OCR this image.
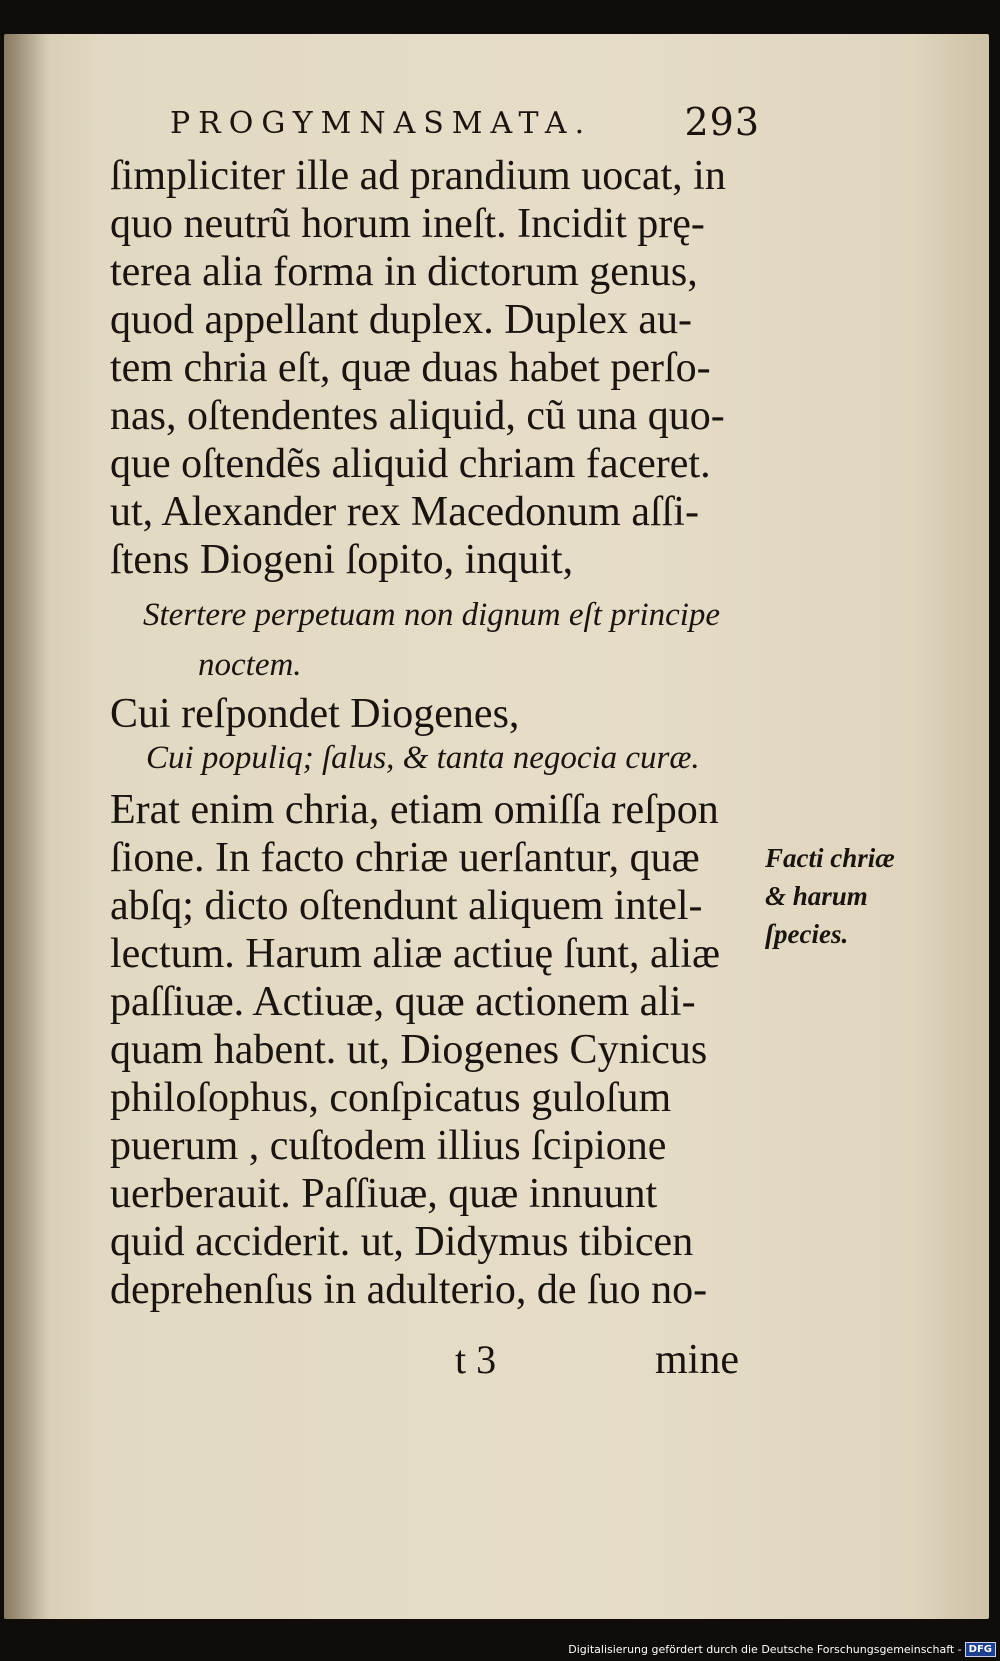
PROGYMNASMATA. 293
ſimpliciter ille ad prandium uocat, in
quo neutrũ horum ineſt. Incidit prę-
terea alia forma in dictorum genus,
quod appellant duplex. Duplex au-
tem chria eſt, quæ duas habet perſo-
nas, oſtendentes aliquid, cũ una quo-
que oſtendẽs aliquid chriam faceret.
ut, Alexander rex Macedonum aſſi-
ſtens Diogeni ſopito, inquit,
Stertere perpetuam non dignum eſt principe
noctem.
Cui reſpondet Diogenes,
Cui populiq; ſalus, & tanta negocia curæ.
Erat enim chria, etiam omiſſa reſpon
ſione. In facto chriæ uerſantur, quæ
abſq; dicto oſtendunt aliquem intel-
lectum. Harum aliæ actiuę ſunt, aliæ
paſſiuæ. Actiuæ, quæ actionem ali-
quam habent. ut, Diogenes Cynicus
philoſophus, conſpicatus guloſum
puerum , cuſtodem illius ſcipione
uerberauit. Paſſiuæ, quæ innuunt
quid acciderit. ut, Didymus tibicen
deprehenſus in adulterio, de ſuo no-
Facti chriæ
& harum
ſpecies.
t 3	mine
Digitalisierung gefördert durch die Deutsche Forschungsgemeinschaft - DFG
